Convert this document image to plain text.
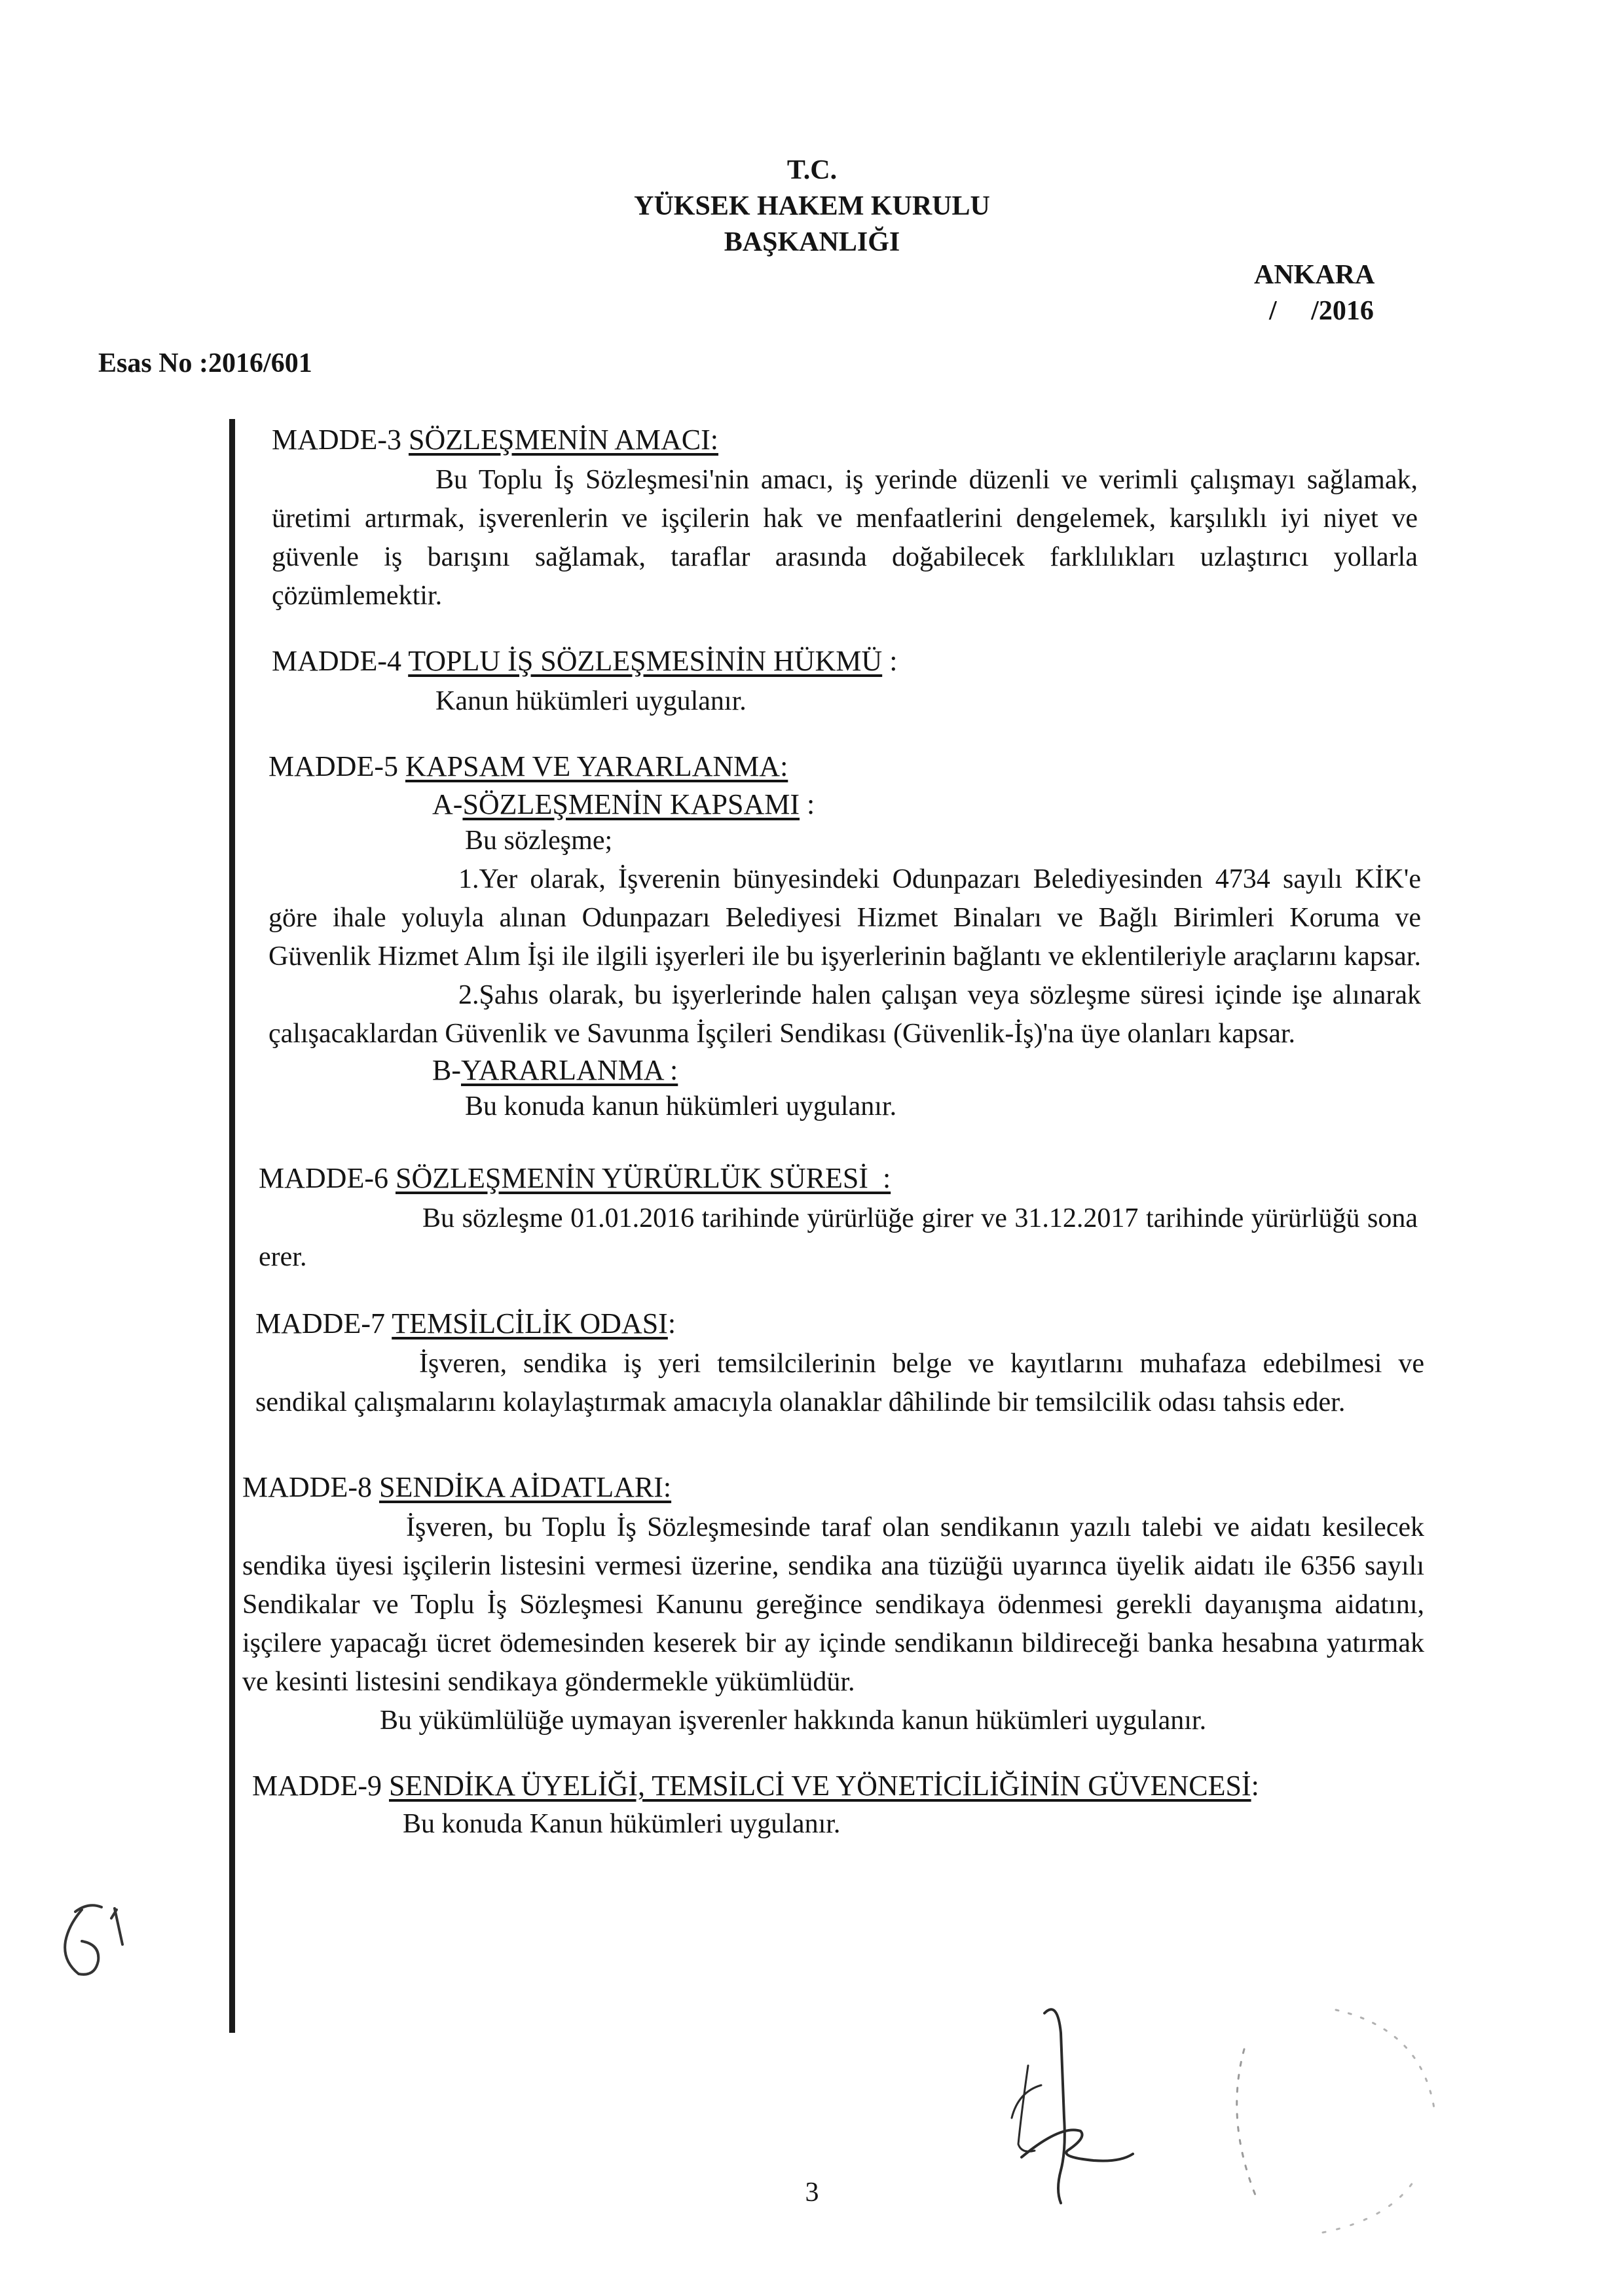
T.C.
YÜKSEK HAKEM KURULU
BAŞKANLIĞI
ANKARA
/     /2016
Esas No :2016/601

MADDE-3 SÖZLEŞMENİN AMACI:

Bu Toplu İş Sözleşmesi'nin amacı, iş yerinde düzenli ve verimli çalışmayı sağlamak, üretimi artırmak, işverenlerin ve işçilerin hak ve menfaatlerini dengelemek, karşılıklı iyi niyet ve güvenle iş barışını sağlamak, taraflar arasında doğabilecek farklılıkları uzlaştırıcı yollarla çözümlemektir.

MADDE-4 TOPLU İŞ SÖZLEŞMESİNİN HÜKMÜ :

Kanun hükümleri uygulanır.

MADDE-5 KAPSAM VE YARARLANMA:

A-SÖZLEŞMENİN KAPSAMI :

Bu sözleşme;

1.Yer olarak, İşverenin bünyesindeki Odunpazarı Belediyesinden 4734 sayılı KİK'e göre ihale yoluyla alınan Odunpazarı Belediyesi Hizmet Binaları ve Bağlı Birimleri Koruma ve Güvenlik Hizmet Alım İşi ile ilgili işyerleri ile bu işyerlerinin bağlantı ve eklentileriyle araçlarını kapsar.

2.Şahıs olarak, bu işyerlerinde halen çalışan veya sözleşme süresi içinde işe alınarak çalışacaklardan Güvenlik ve Savunma İşçileri Sendikası (Güvenlik-İş)'na üye olanları kapsar.

B-YARARLANMA :

Bu konuda kanun hükümleri uygulanır.

MADDE-6 SÖZLEŞMENİN YÜRÜRLÜK SÜRESİ  :

Bu sözleşme 01.01.2016 tarihinde yürürlüğe girer ve 31.12.2017 tarihinde yürürlüğü sona erer.

MADDE-7 TEMSİLCİLİK ODASI:

İşveren, sendika iş yeri temsilcilerinin belge ve kayıtlarını muhafaza edebilmesi ve sendikal çalışmalarını kolaylaştırmak amacıyla olanaklar dâhilinde bir temsilcilik odası tahsis eder.

MADDE-8 SENDİKA AİDATLARI:

İşveren, bu Toplu İş Sözleşmesinde taraf olan sendikanın yazılı talebi ve aidatı kesilecek sendika üyesi işçilerin listesini vermesi üzerine, sendika ana tüzüğü uyarınca üyelik aidatı ile 6356 sayılı Sendikalar ve Toplu İş Sözleşmesi Kanunu gereğince sendikaya ödenmesi gerekli dayanışma aidatını, işçilere yapacağı ücret ödemesinden keserek bir ay içinde sendikanın bildireceği banka hesabına yatırmak ve kesinti listesini sendikaya göndermekle yükümlüdür.

Bu yükümlülüğe uymayan işverenler hakkında kanun hükümleri uygulanır.

MADDE-9 SENDİKA ÜYELİĞİ, TEMSİLCİ VE YÖNETİCİLİĞİNİN GÜVENCESİ:

Bu konuda Kanun hükümleri uygulanır.

3
